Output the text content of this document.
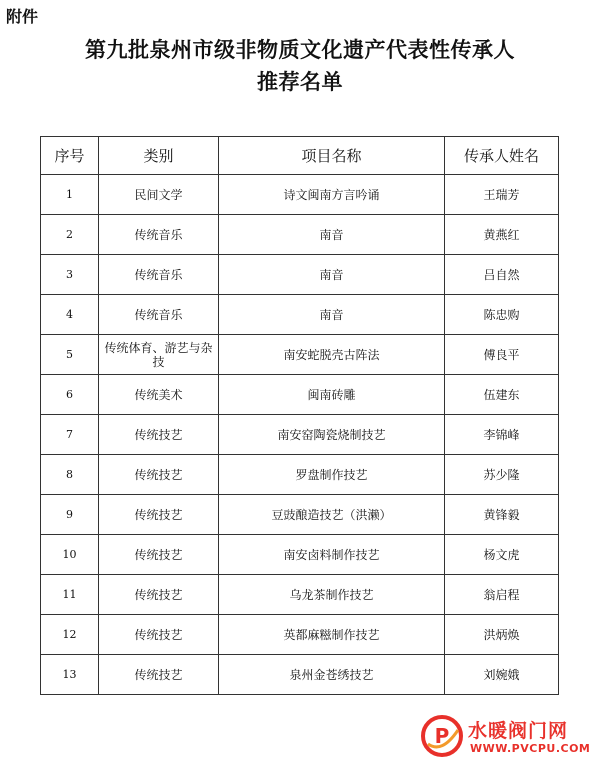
附件
第九批泉州市级非物质文化遗产代表性传承人
推荐名单
序号	类别	项目名称	传承人姓名
1	民间文学	诗文闽南方言吟诵	王瑞芳
2	传统音乐	南音	黄燕红
3	传统音乐	南音	吕自然
4	传统音乐	南音	陈忠购
5	传统体育、游艺与杂技	南安蛇脱壳古阵法	傅良平
6	传统美术	闽南砖雕	伍建东
7	传统技艺	南安窑陶瓷烧制技艺	李锦峰
8	传统技艺	罗盘制作技艺	苏少隆
9	传统技艺	豆豉酿造技艺（洪濑）	黄锋毅
10	传统技艺	南安卤料制作技艺	杨文虎
11	传统技艺	乌龙茶制作技艺	翁启程
12	传统技艺	英都麻糍制作技艺	洪炳焕
13	传统技艺	泉州金苍绣技艺	刘婉娥
P 水暖阀门网
WWW.PVCPU.COM
